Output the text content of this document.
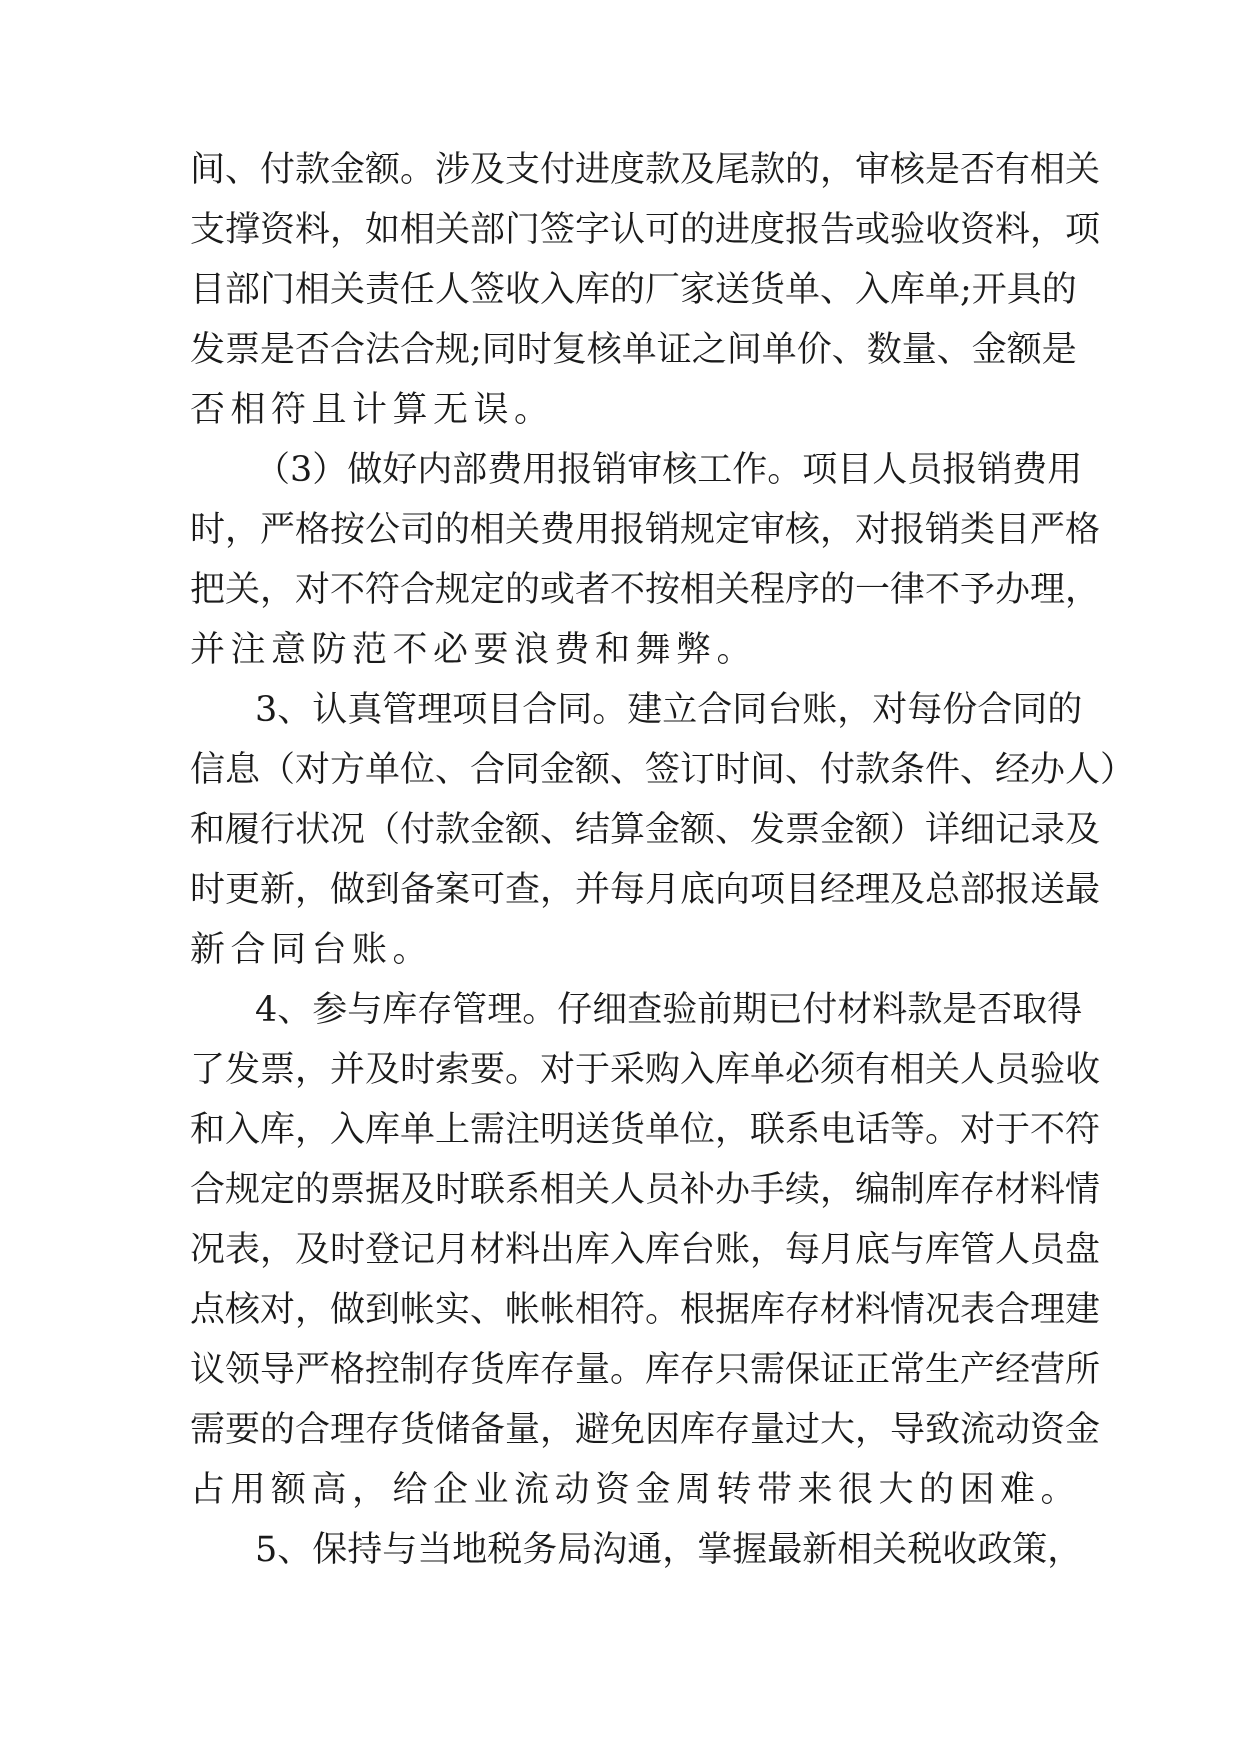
间、付款金额。涉及支付进度款及尾款的，审核是否有相关

支撑资料，如相关部门签字认可的进度报告或验收资料，项

目部门相关责任人签收入库的厂家送货单、入库单;开具的

发票是否合法合规;同时复核单证之间单价、数量、金额是

否相符且计算无误。

（3）做好内部费用报销审核工作。项目人员报销费用

时，严格按公司的相关费用报销规定审核，对报销类目严格

把关，对不符合规定的或者不按相关程序的一律不予办理，

并注意防范不必要浪费和舞弊。

3、认真管理项目合同。建立合同台账，对每份合同的

信息（对方单位、合同金额、签订时间、付款条件、经办人）

和履行状况（付款金额、结算金额、发票金额）详细记录及

时更新，做到备案可查，并每月底向项目经理及总部报送最

新合同台账。

4、参与库存管理。仔细查验前期已付材料款是否取得

了发票，并及时索要。对于采购入库单必须有相关人员验收

和入库，入库单上需注明送货单位，联系电话等。对于不符

合规定的票据及时联系相关人员补办手续，编制库存材料情

况表，及时登记月材料出库入库台账，每月底与库管人员盘

点核对，做到帐实、帐帐相符。根据库存材料情况表合理建

议领导严格控制存货库存量。库存只需保证正常生产经营所

需要的合理存货储备量，避免因库存量过大，导致流动资金

占用额高，给企业流动资金周转带来很大的困难。

5、保持与当地税务局沟通，掌握最新相关税收政策，
